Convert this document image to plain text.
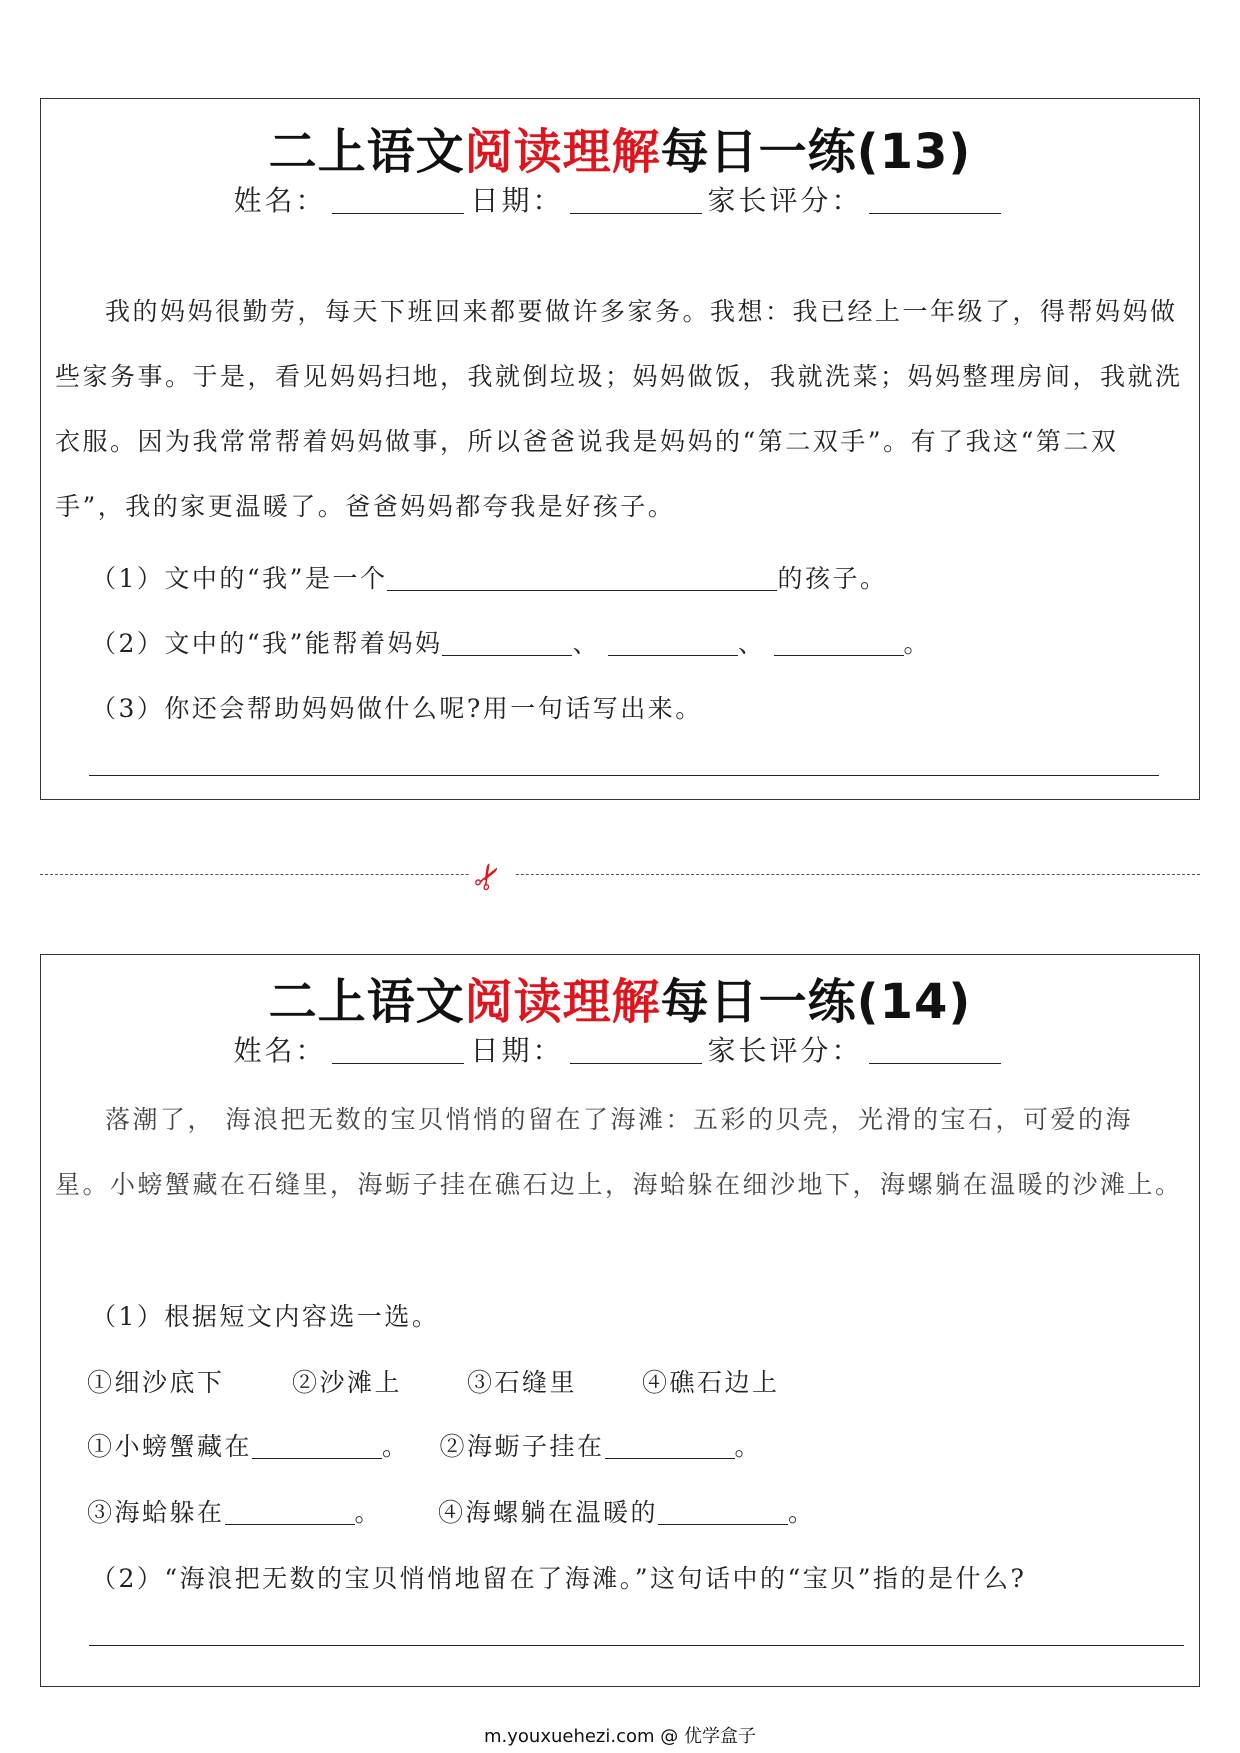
二上语文阅读理解每日一练(13)
姓名：	日期：	家长评分：

我的妈妈很勤劳，每天下班回来都要做许多家务。我想：我已经上一年级了，得帮妈妈做些家务事。于是，看见妈妈扫地，我就倒垃圾；妈妈做饭，我就洗菜；妈妈整理房间，我就洗衣服。因为我常常帮着妈妈做事，所以爸爸说我是妈妈的“第二双手”。有了我这“第二双手”，我的家更温暖了。爸爸妈妈都夸我是好孩子。

（1）文中的“我”是一个	的孩子。
（2）文中的“我”能帮着妈妈	、	、	。
（3）你还会帮助妈妈做什么呢?用一句话写出来。
✂
二上语文阅读理解每日一练(14)
姓名：	日期：	家长评分：

落潮了， 海浪把无数的宝贝悄悄的留在了海滩：五彩的贝壳，光滑的宝石，可爱的海星。小螃蟹藏在石缝里，海蛎子挂在礁石边上，海蛤躲在细沙地下，海螺躺在温暖的沙滩上。

（1）根据短文内容选一选。
①细沙底下	②沙滩上	③石缝里	④礁石边上
①小螃蟹藏在	。 ②海蛎子挂在	。
③海蛤躲在	。 ④海螺躺在温暖的	。
（2）“海浪把无数的宝贝悄悄地留在了海滩。”这句话中的“宝贝”指的是什么?
m.youxuehezi.com @ 优学盒子
